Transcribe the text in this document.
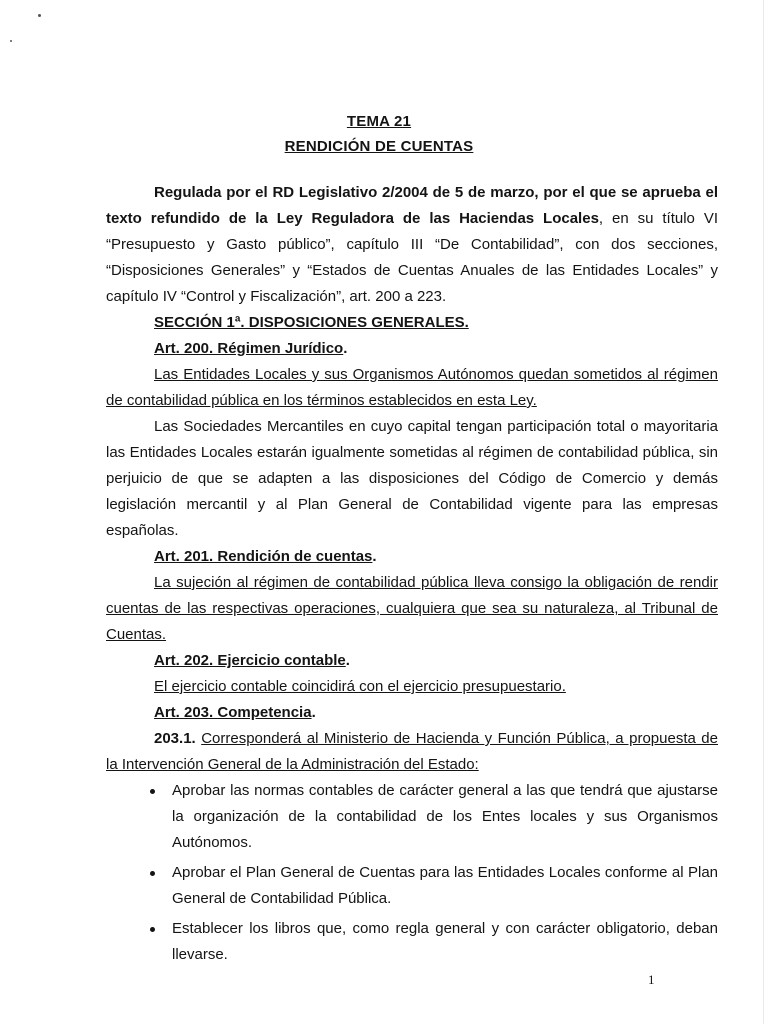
TEMA 21
RENDICIÓN DE CUENTAS

Regulada por el RD Legislativo 2/2004 de 5 de marzo, por el que se aprueba el texto refundido de la Ley Reguladora de las Haciendas Locales, en su título VI “Presupuesto y Gasto público”, capítulo III “De Contabilidad”, con dos secciones, “Disposiciones Generales” y “Estados de Cuentas Anuales de las Entidades Locales” y capítulo IV “Control y Fiscalización”, art. 200 a 223.

SECCIÓN 1ª. DISPOSICIONES GENERALES.

Art. 200. Régimen Jurídico.

Las Entidades Locales y sus Organismos Autónomos quedan sometidos al régimen de contabilidad pública en los términos establecidos en esta Ley.

Las Sociedades Mercantiles en cuyo capital tengan participación total o mayoritaria las Entidades Locales estarán igualmente sometidas al régimen de contabilidad pública, sin perjuicio de que se adapten a las disposiciones del Código de Comercio y demás legislación mercantil y al Plan General de Contabilidad vigente para las empresas españolas.

Art. 201. Rendición de cuentas.

La sujeción al régimen de contabilidad pública lleva consigo la obligación de rendir cuentas de las respectivas operaciones, cualquiera que sea su naturaleza, al Tribunal de Cuentas.

Art. 202. Ejercicio contable.

El ejercicio contable coincidirá con el ejercicio presupuestario.

Art. 203. Competencia.

203.1. Corresponderá al Ministerio de Hacienda y Función Pública, a propuesta de la Intervención General de la Administración del Estado:

Aprobar las normas contables de carácter general a las que tendrá que ajustarse la organización de la contabilidad de los Entes locales y sus Organismos Autónomos.
Aprobar el Plan General de Cuentas para las Entidades Locales conforme al Plan General de Contabilidad Pública.
Establecer los libros que, como regla general y con carácter obligatorio, deban llevarse.
1
